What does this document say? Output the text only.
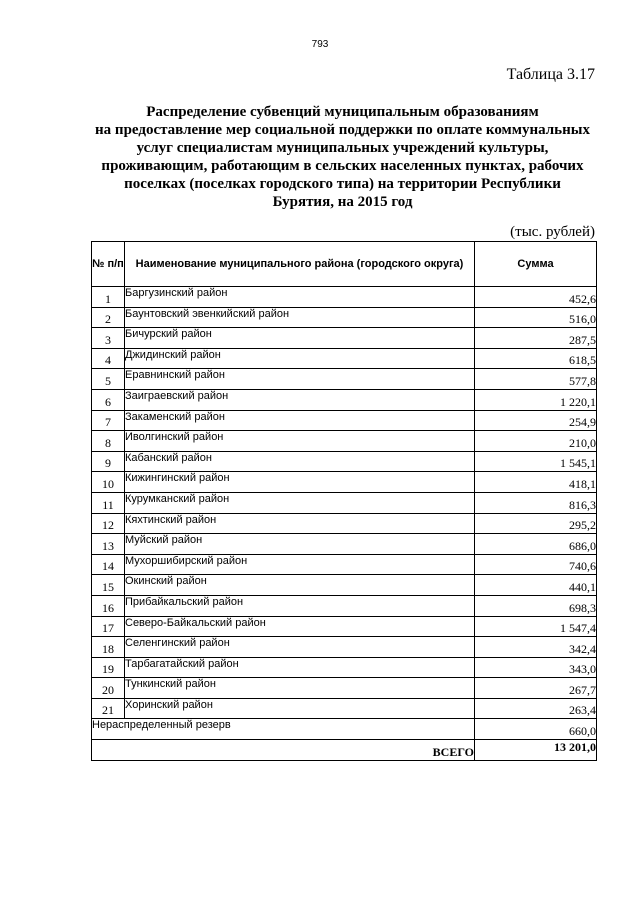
793
Таблица 3.17
Распределение субвенций муниципальным образованиям
на предоставление мер социальной поддержки по оплате коммунальных
услуг специалистам муниципальных учреждений культуры,
проживающим, работающим в сельских населенных пунктах, рабочих
поселках (поселках городского типа) на территории Республики
Бурятия, на 2015 год
(тыс. рублей)
№ п/п	Наименование муниципального района (городского округа)	Сумма
1	Баргузинский район	452,6
2	Баунтовский эвенкийский район	516,0
3	Бичурский район	287,5
4	Джидинский район	618,5
5	Еравнинский район	577,8
6	Заиграевский район	1 220,1
7	Закаменский район	254,9
8	Иволгинский район	210,0
9	Кабанский район	1 545,1
10	Кижингинский район	418,1
11	Курумканский район	816,3
12	Кяхтинский район	295,2
13	Муйский район	686,0
14	Мухоршибирский район	740,6
15	Окинский район	440,1
16	Прибайкальский район	698,3
17	Северо-Байкальский район	1 547,4
18	Селенгинский район	342,4
19	Тарбагатайский район	343,0
20	Тункинский район	267,7
21	Хоринский район	263,4
Нераспределенный резерв		660,0
ВСЕГО		13 201,0
